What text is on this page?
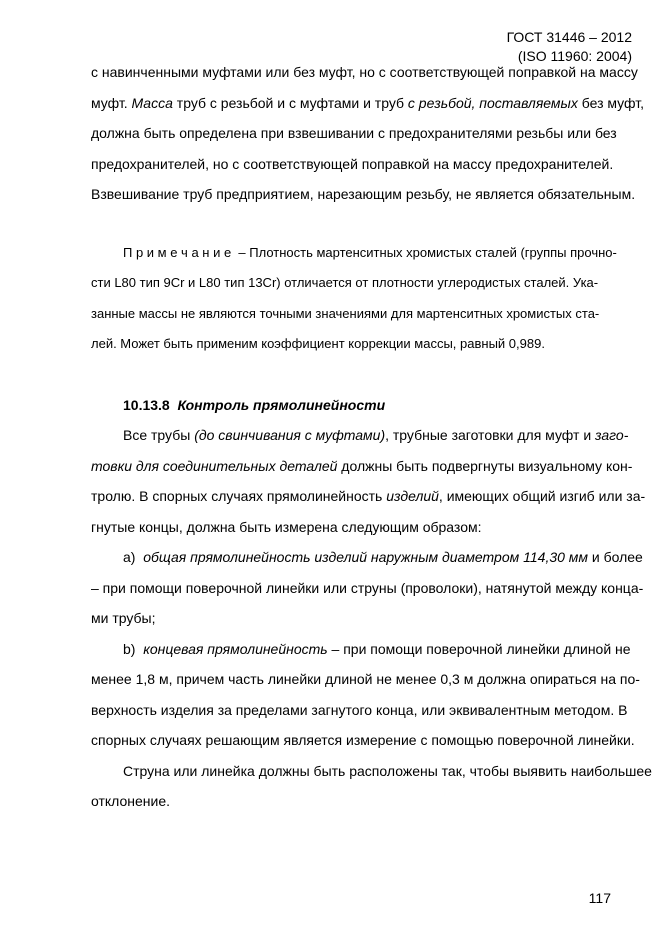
ГОСТ 31446 – 2012
(ISO 11960: 2004)
с навинченными муфтами или без муфт, но с соответствующей поправкой на массу
муфт. Масса труб с резьбой и с муфтами и труб с резьбой, поставляемых без муфт,
должна быть определена при взвешивании с предохранителями резьбы или без
предохранителей, но с соответствующей поправкой на массу предохранителей.
Взвешивание труб предприятием, нарезающим резьбу, не является обязательным.
П р и м е ч а н и е  – Плотность мартенситных хромистых сталей (группы прочно-
сти L80 тип 9Cr и L80 тип 13Cr) отличается от плотности углеродистых сталей. Ука-
занные массы не являются точными значениями для мартенситных хромистых ста-
лей. Может быть применим коэффициент коррекции массы, равный 0,989.
10.13.8  Контроль прямолинейности
Все трубы (до свинчивания с муфтами), трубные заготовки для муфт и заго-
товки для соединительных деталей должны быть подвергнуты визуальному кон-
тролю. В спорных случаях прямолинейность изделий, имеющих общий изгиб или за-
гнутые концы, должна быть измерена следующим образом:
a)  общая прямолинейность изделий наружным диаметром 114,30 мм и более
– при помощи поверочной линейки или струны (проволоки), натянутой между конца-
ми трубы;
b)  концевая прямолинейность – при помощи поверочной линейки длиной не
менее 1,8 м, причем часть линейки длиной не менее 0,3 м должна опираться на по-
верхность изделия за пределами загнутого конца, или эквивалентным методом. В
спорных случаях решающим является измерение с помощью поверочной линейки.
Струна или линейка должны быть расположены так, чтобы выявить наибольшее
отклонение.
117
